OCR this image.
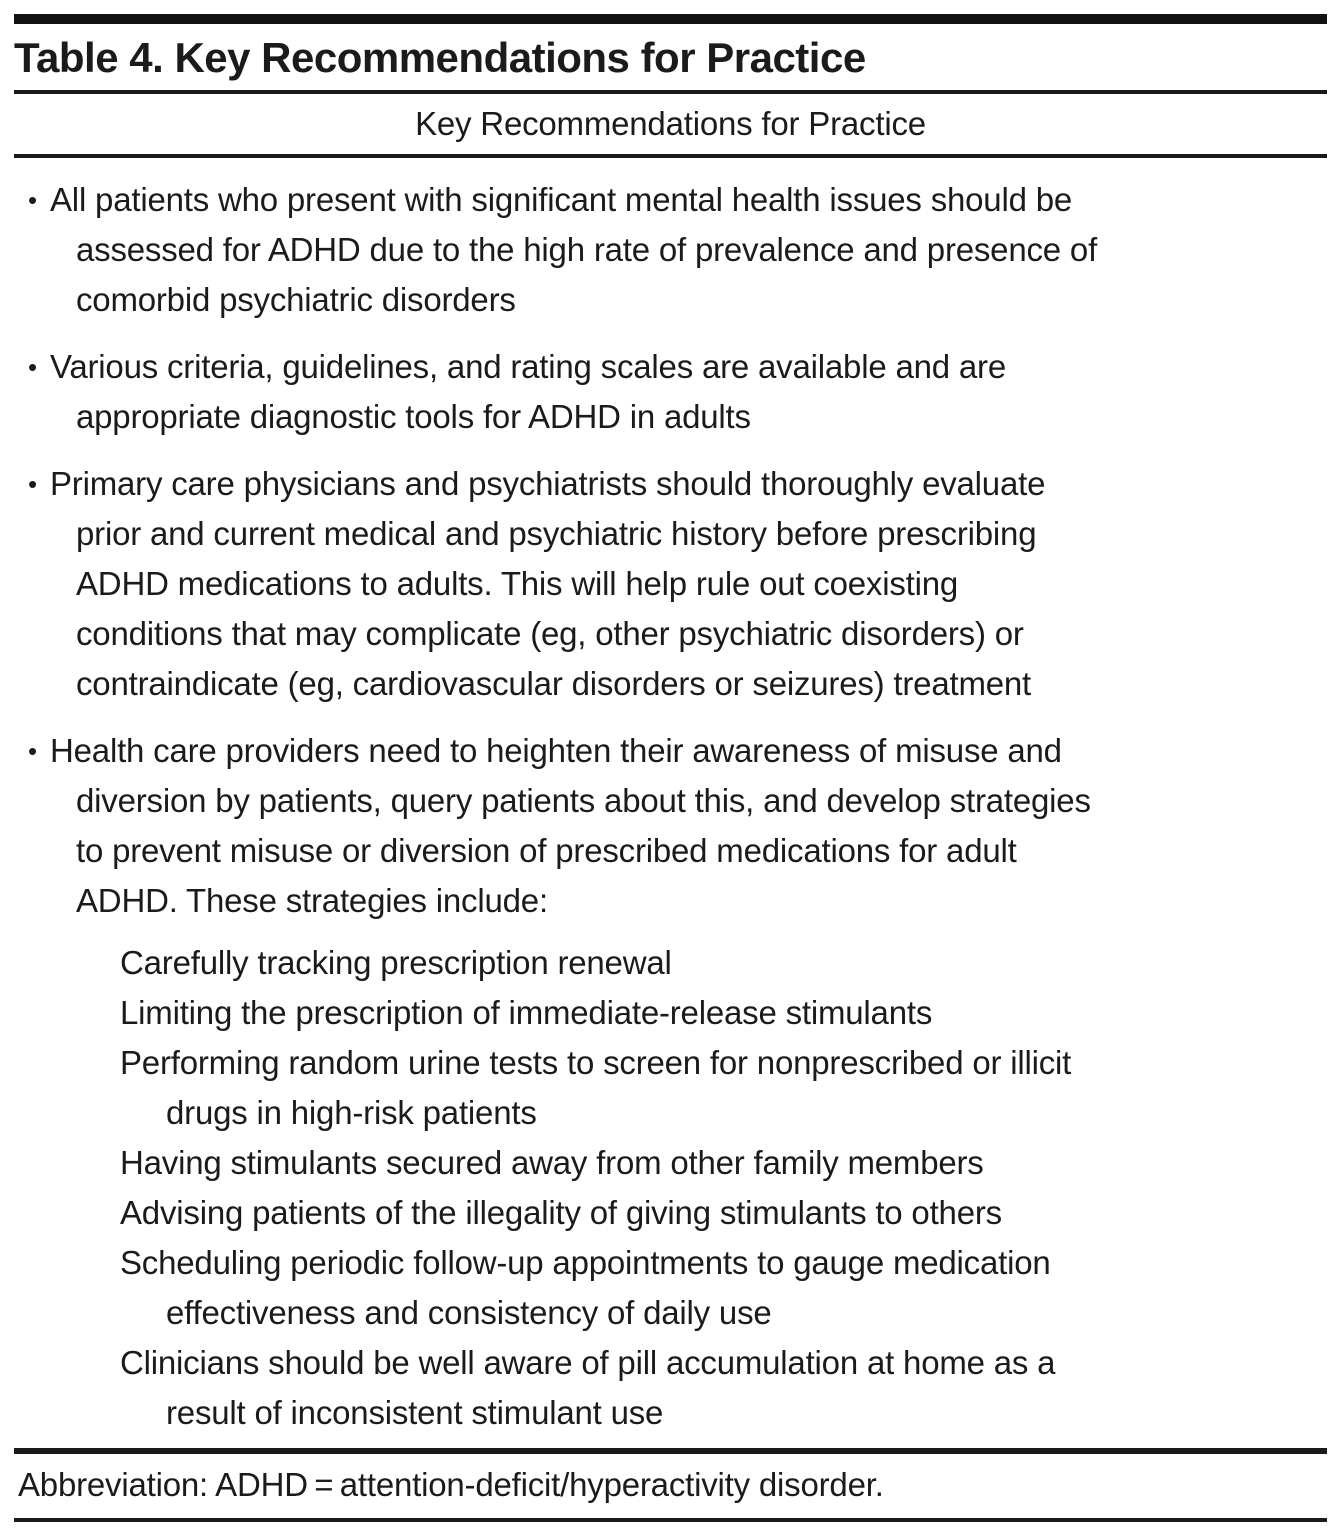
Table 4. Key Recommendations for Practice
Key Recommendations for Practice
• All patients who present with significant mental health issues should be
assessed for ADHD due to the high rate of prevalence and presence of
comorbid psychiatric disorders
• Various criteria, guidelines, and rating scales are available and are
appropriate diagnostic tools for ADHD in adults
• Primary care physicians and psychiatrists should thoroughly evaluate
prior and current medical and psychiatric history before prescribing
ADHD medications to adults. This will help rule out coexisting
conditions that may complicate (eg, other psychiatric disorders) or
contraindicate (eg, cardiovascular disorders or seizures) treatment
• Health care providers need to heighten their awareness of misuse and
diversion by patients, query patients about this, and develop strategies
to prevent misuse or diversion of prescribed medications for adult
ADHD. These strategies include:
Carefully tracking prescription renewal
Limiting the prescription of immediate-release stimulants
Performing random urine tests to screen for nonprescribed or illicit
drugs in high-risk patients
Having stimulants secured away from other family members
Advising patients of the illegality of giving stimulants to others
Scheduling periodic follow-up appointments to gauge medication
effectiveness and consistency of daily use
Clinicians should be well aware of pill accumulation at home as a
result of inconsistent stimulant use
Abbreviation: ADHD = attention-deficit/hyperactivity disorder.
